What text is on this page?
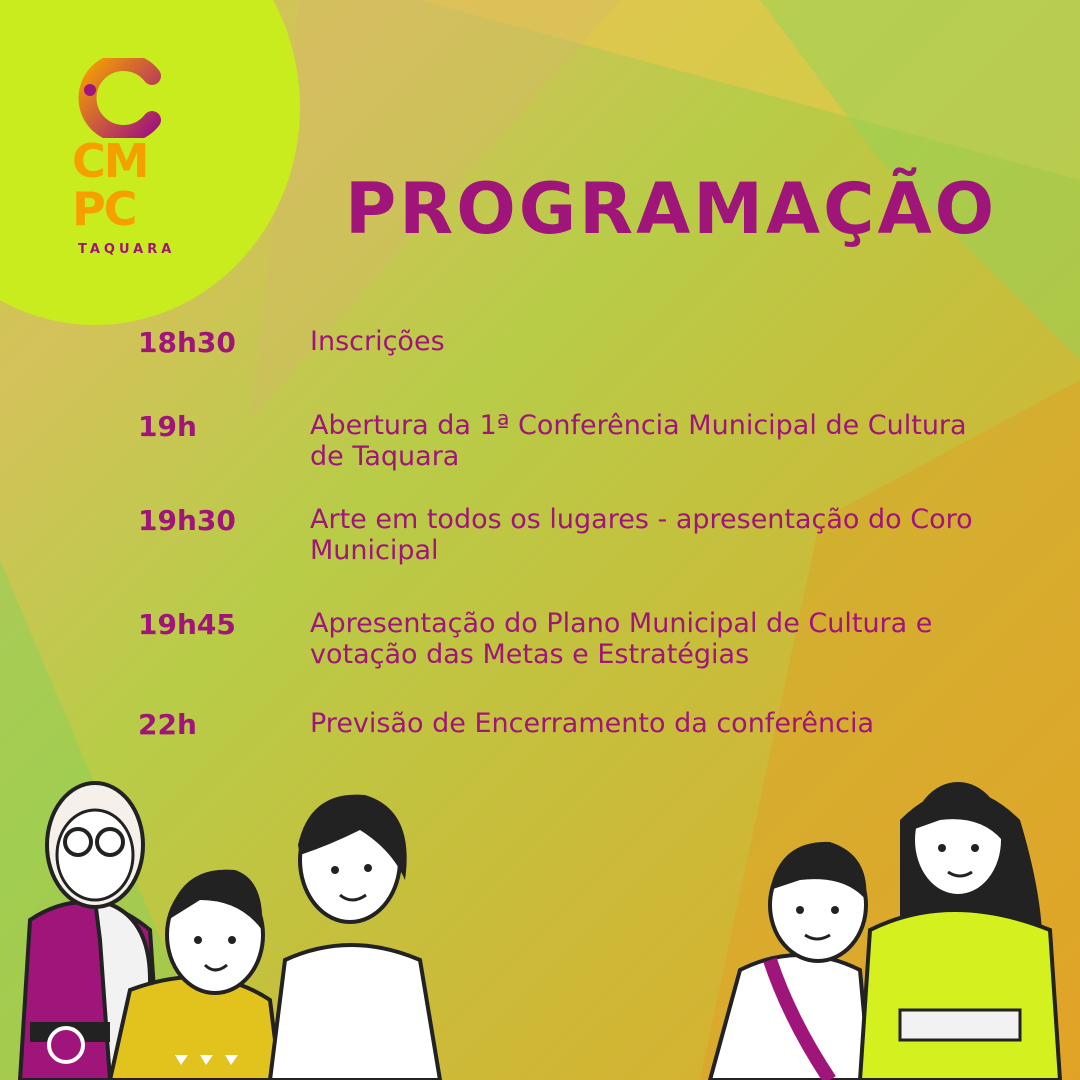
CM
PC
TAQUARA PROGRAMAÇÃO
18h30	Inscrições
19h	Abertura da 1ª Conferência Municipal de Cultura de Taquara
19h30	Arte em todos os lugares - apresentação do Coro Municipal
19h45	Apresentação do Plano Municipal de Cultura e votação das Metas e Estratégias
22h	Previsão de Encerramento da conferência
